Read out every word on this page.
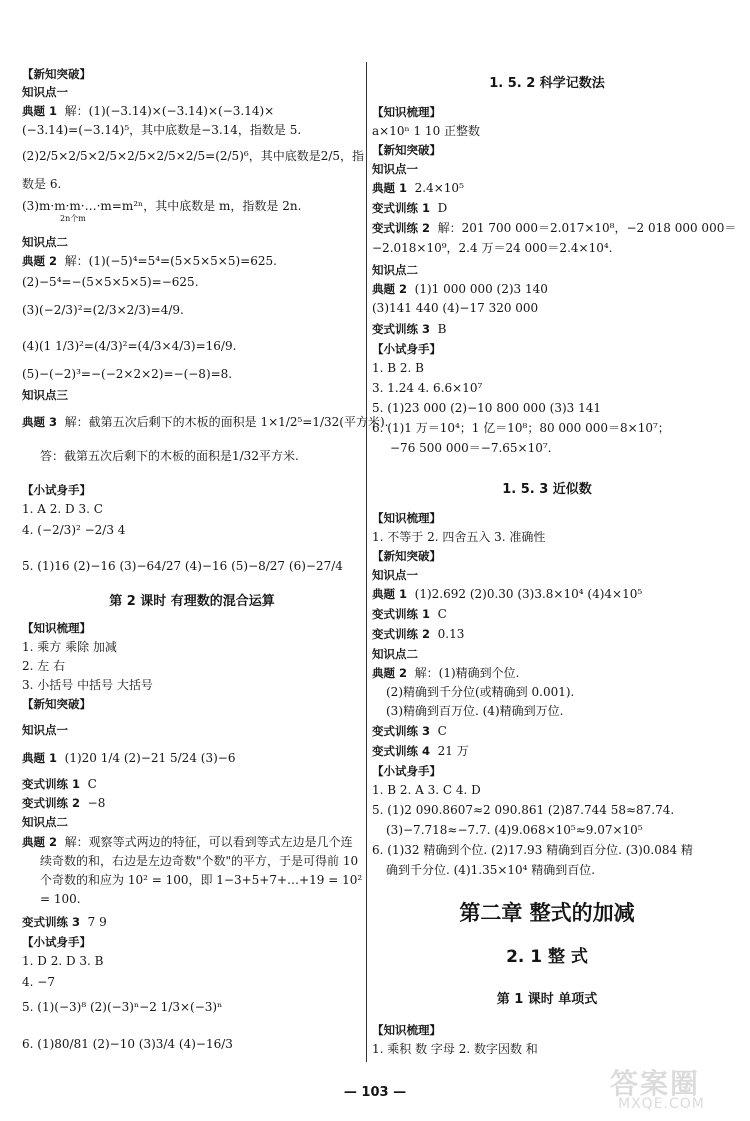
【新知突破】
知识点一
典题 1 解：(1)(−3.14)×(−3.14)×(−3.14)×
(−3.14)=(−3.14)⁵，其中底数是−3.14，指数是 5.
(2)2/5×2/5×2/5×2/5×2/5×2/5=(2/5)⁶，其中底数是2/5，指
数是 6.
(3)m·m·m·…·m=m²ⁿ，其中底数是 m，指数是 2n.
2n个m
知识点二
典题 2 解：(1)(−5)⁴=5⁴=(5×5×5×5)=625.
(2)−5⁴=−(5×5×5×5)=−625.
(3)(−2/3)²=(2/3×2/3)=4/9.
(4)(1 1/3)²=(4/3)²=(4/3×4/3)=16/9.
(5)−(−2)³=−(−2×2×2)=−(−8)=8.
知识点三
典题 3 解：截第五次后剩下的木板的面积是 1×1/2⁵=1/32(平方米).
答：截第五次后剩下的木板的面积是1/32平方米.
【小试身手】
1. A 2. D 3. C
4. (−2/3)² −2/3 4
5. (1)16 (2)−16 (3)−64/27 (4)−16 (5)−8/27 (6)−27/4
第 2 课时 有理数的混合运算
【知识梳理】
1. 乘方 乘除 加减
2. 左 右
3. 小括号 中括号 大括号
【新知突破】
知识点一
典题 1 (1)20 1/4 (2)−21 5/24 (3)−6
变式训练 1 C
变式训练 2 −8
知识点二
典题 2 解：观察等式两边的特征，可以看到等式左边是几个连
续奇数的和，右边是左边奇数"个数"的平方，于是可得前 10
个奇数的和应为 10² = 100，即 1−3+5+7+…+19 = 10²
= 100.
变式训练 3 7 9
【小试身手】
1. D 2. D 3. B
4. −7
5. (1)(−3)⁸ (2)(−3)ⁿ−2 1/3×(−3)ⁿ
6. (1)80/81 (2)−10 (3)3/4 (4)−16/3
1. 5. 2 科学记数法
【知识梳理】
a×10ⁿ 1 10 正整数
【新知突破】
知识点一
典题 1 2.4×10⁵
变式训练 1 D
变式训练 2 解：201 700 000＝2.017×10⁸，−2 018 000 000＝
−2.018×10⁹，2.4 万＝24 000＝2.4×10⁴.
知识点二
典题 2 (1)1 000 000 (2)3 140
(3)141 440 (4)−17 320 000
变式训练 3 B
【小试身手】
1. B 2. B
3. 1.24 4. 6.6×10⁷
5. (1)23 000 (2)−10 800 000 (3)3 141
6. (1)1 万＝10⁴；1 亿＝10⁸；80 000 000＝8×10⁷；
−76 500 000＝−7.65×10⁷.
1. 5. 3 近似数
【知识梳理】
1. 不等于 2. 四舍五入 3. 准确性
【新知突破】
知识点一
典题 1 (1)2.692 (2)0.30 (3)3.8×10⁴ (4)4×10⁵
变式训练 1 C
变式训练 2 0.13
知识点二
典题 2 解：(1)精确到个位.
(2)精确到千分位(或精确到 0.001).
(3)精确到百万位. (4)精确到万位.
变式训练 3 C
变式训练 4 21 万
【小试身手】
1. B 2. A 3. C 4. D
5. (1)2 090.8607≈2 090.861 (2)87.744 58≈87.74.
(3)−7.718≈−7.7. (4)9.068×10⁵≈9.07×10⁵
6. (1)32 精确到个位. (2)17.93 精确到百分位. (3)0.084 精
确到千分位. (4)1.35×10⁴ 精确到百位.
第二章 整式的加减
2. 1 整 式
第 1 课时 单项式
【知识梳理】
1. 乘积 数 字母 2. 数字因数 和
— 103 —	答案圈
MXQE.COM
